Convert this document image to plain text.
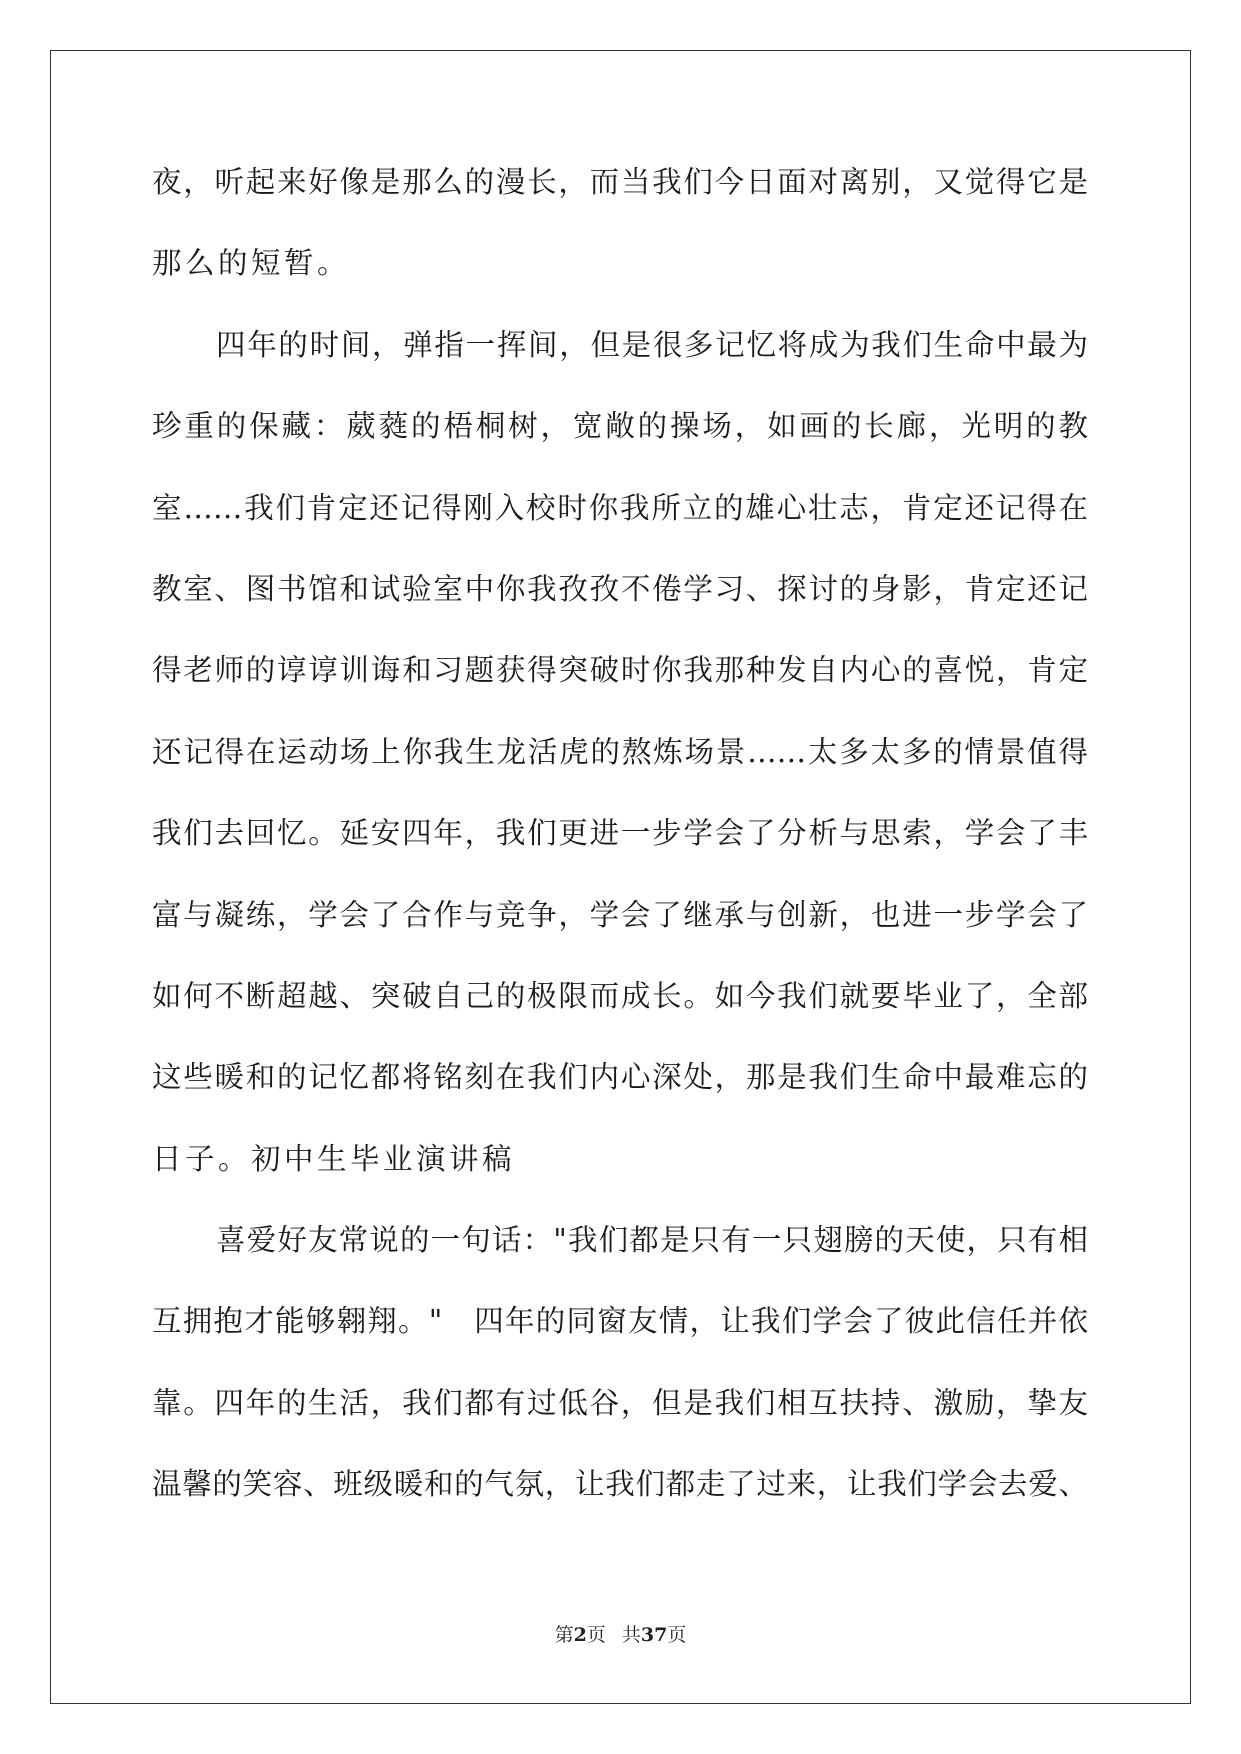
夜，听起来好像是那么的漫长，而当我们今日面对离别，又觉得它是
那么的短暂。
四年的时间，弹指一挥间，但是很多记忆将成为我们生命中最为
珍重的保藏：葳蕤的梧桐树，宽敞的操场，如画的长廊，光明的教
室……我们肯定还记得刚入校时你我所立的雄心壮志，肯定还记得在
教室、图书馆和试验室中你我孜孜不倦学习、探讨的身影，肯定还记
得老师的谆谆训诲和习题获得突破时你我那种发自内心的喜悦，肯定
还记得在运动场上你我生龙活虎的熬炼场景……太多太多的情景值得
我们去回忆。延安四年，我们更进一步学会了分析与思索，学会了丰
富与凝练，学会了合作与竞争，学会了继承与创新，也进一步学会了
如何不断超越、突破自己的极限而成长。如今我们就要毕业了，全部
这些暖和的记忆都将铭刻在我们内心深处，那是我们生命中最难忘的
日子。初中生毕业演讲稿
喜爱好友常说的一句话："我们都是只有一只翅膀的天使，只有相
互拥抱才能够翱翔。"　四年的同窗友情，让我们学会了彼此信任并依
靠。四年的生活，我们都有过低谷，但是我们相互扶持、激励，挚友
温馨的笑容、班级暖和的气氛，让我们都走了过来，让我们学会去爱、
第2页 共37页
